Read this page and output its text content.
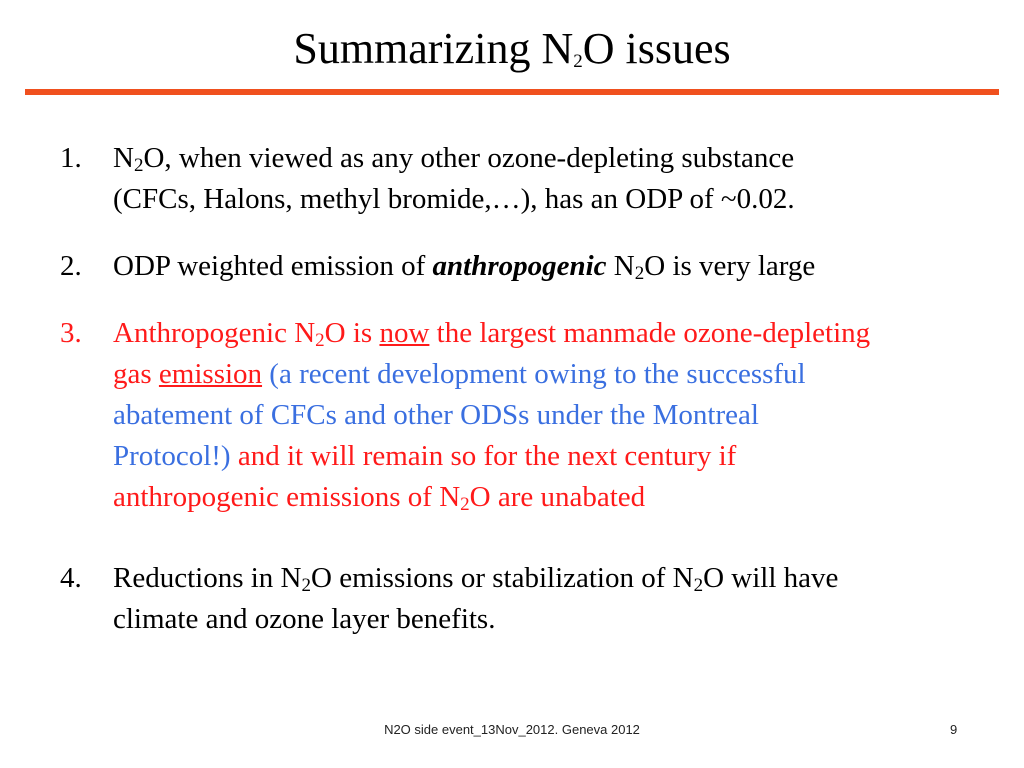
Summarizing $N_2O$ issues
1. $N_2O$, when viewed as any other ozone-depleting substance
(CFCs, Halons, methyl bromide,…), has an ODP of ~0.02.
2. ODP weighted emission of anthropogenic $N_2O$ is very large
3. Anthropogenic $N_2O$ is now the largest manmade ozone-depleting
gas emission (a recent development owing to the successful
abatement of CFCs and other ODSs under the Montreal
Protocol!) and it will remain so for the next century if
anthropogenic emissions of $N_2O$ are unabated
4. Reductions in $N_2O$ emissions or stabilization of $N_2O$ will have
climate and ozone layer benefits.
N2O side event_13Nov_2012. Geneva 2012	9
